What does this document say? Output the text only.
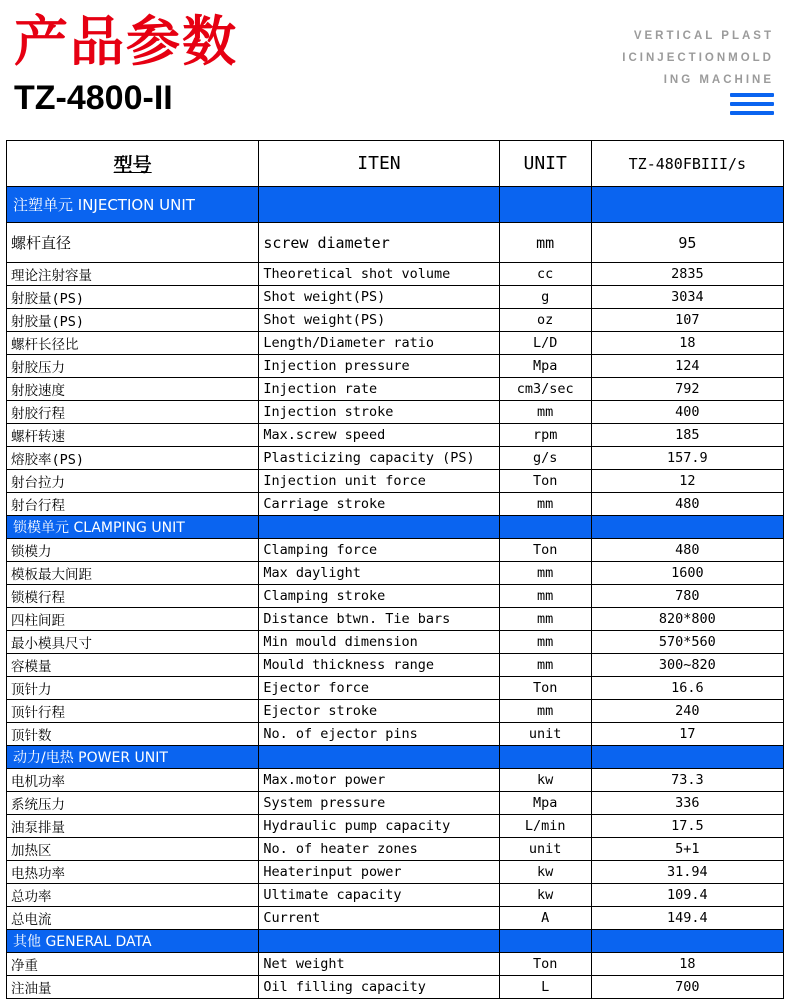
产品参数
TZ-4800-II
VERTICAL PLAST
ICINJECTIONMOLD
ING MACHINE
型号	ITEN	UNIT	TZ-480FBIII/s
注塑单元 INJECTION UNIT			
螺杆直径	screw diameter	mm	95
理论注射容量	Theoretical shot volume	cc	2835
射胶量(PS)	Shot weight(PS)	g	3034
射胶量(PS)	Shot weight(PS)	oz	107
螺杆长径比	Length/Diameter ratio	L/D	18
射胶压力	Injection pressure	Mpa	124
射胶速度	Injection rate	cm3/sec	792
射胶行程	Injection stroke	mm	400
螺杆转速	Max.screw speed	rpm	185
熔胶率(PS)	Plasticizing capacity (PS)	g/s	157.9
射台拉力	Injection unit force	Ton	12
射台行程	Carriage stroke	mm	480
锁模单元 CLAMPING UNIT			
锁模力	Clamping force	Ton	480
模板最大间距	Max daylight	mm	1600
锁模行程	Clamping stroke	mm	780
四柱间距	Distance btwn. Tie bars	mm	820*800
最小模具尺寸	Min mould dimension	mm	570*560
容模量	Mould thickness range	mm	300~820
顶针力	Ejector force	Ton	16.6
顶针行程	Ejector stroke	mm	240
顶针数	No. of ejector pins	unit	17
动力/电热 POWER UNIT			
电机功率	Max.motor power	kw	73.3
系统压力	System pressure	Mpa	336
油泵排量	Hydraulic pump capacity	L/min	17.5
加热区	No. of heater zones	unit	5+1
电热功率	Heaterinput power	kw	31.94
总功率	Ultimate capacity	kw	109.4
总电流	Current	A	149.4
其他 GENERAL DATA			
净重	Net weight	Ton	18
注油量	Oil filling capacity	L	700
